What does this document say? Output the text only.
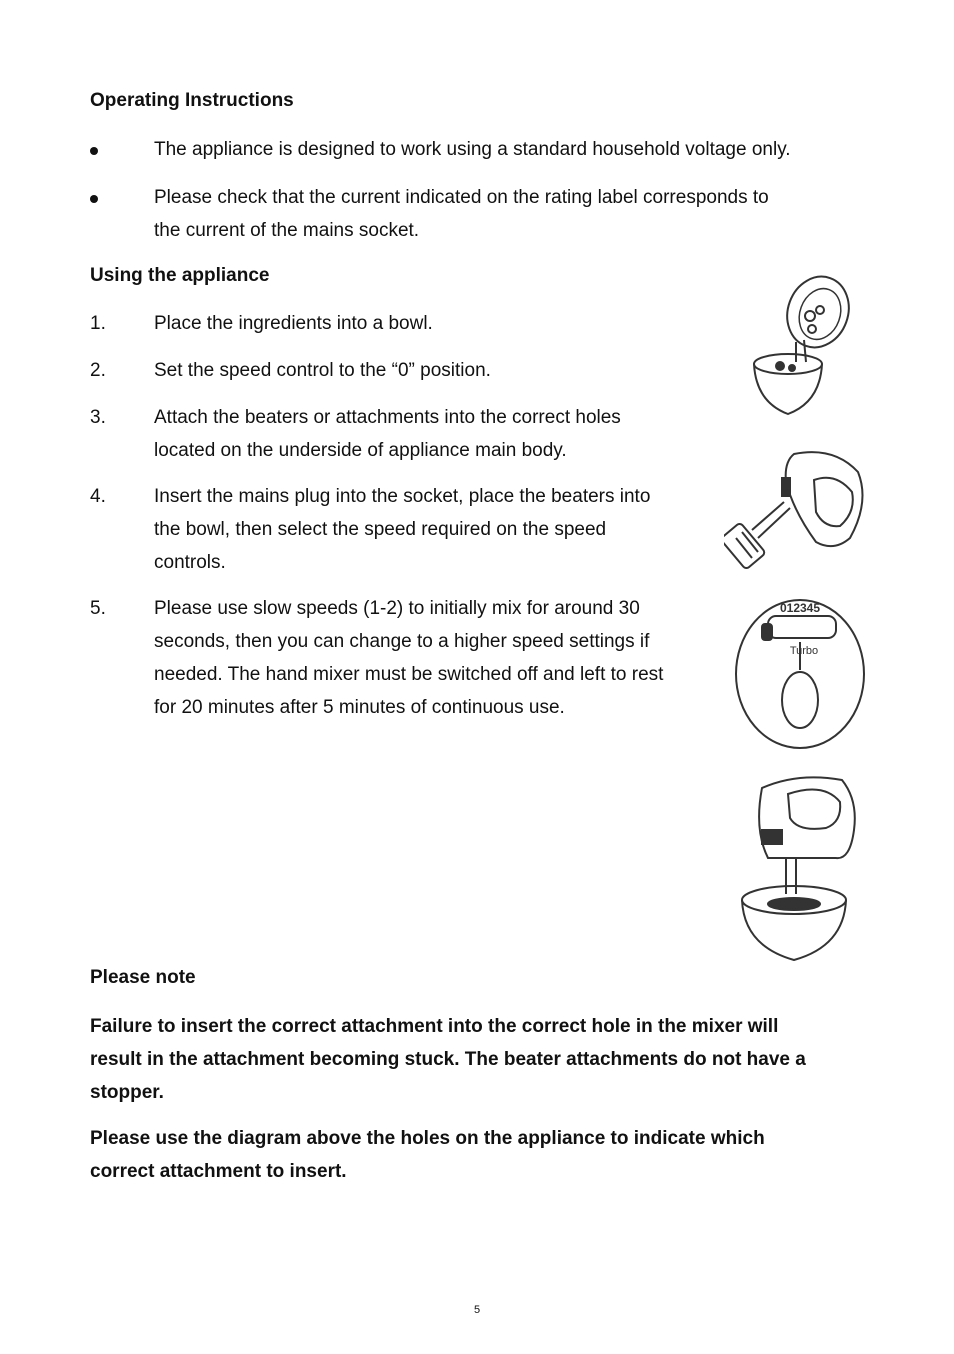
Operating Instructions
The appliance is designed to work using a standard household voltage only.
Please check that the current indicated on the rating label corresponds to
the current of the mains socket.
Using the appliance
1.	Place the ingredients into a bowl.
2.	Set the speed control to the “0” position.
3.	Attach the beaters or attachments into the correct holes
located on the underside of appliance main body.
4.	Insert the mains plug into the socket, place the beaters into
the bowl, then select the speed required on the speed
controls.
5.	Please use slow speeds (1-2) to initially mix for around 30
seconds, then you can change to a higher speed settings if
needed. The hand mixer must be switched off and left to rest
for 20 minutes after 5 minutes of continuous use.
012345
Turbo
Please note
Failure to insert the correct attachment into the correct hole in the mixer will
result in the attachment becoming stuck. The beater attachments do not have a
stopper.
Please use the diagram above the holes on the appliance to indicate which
correct attachment to insert.
5
